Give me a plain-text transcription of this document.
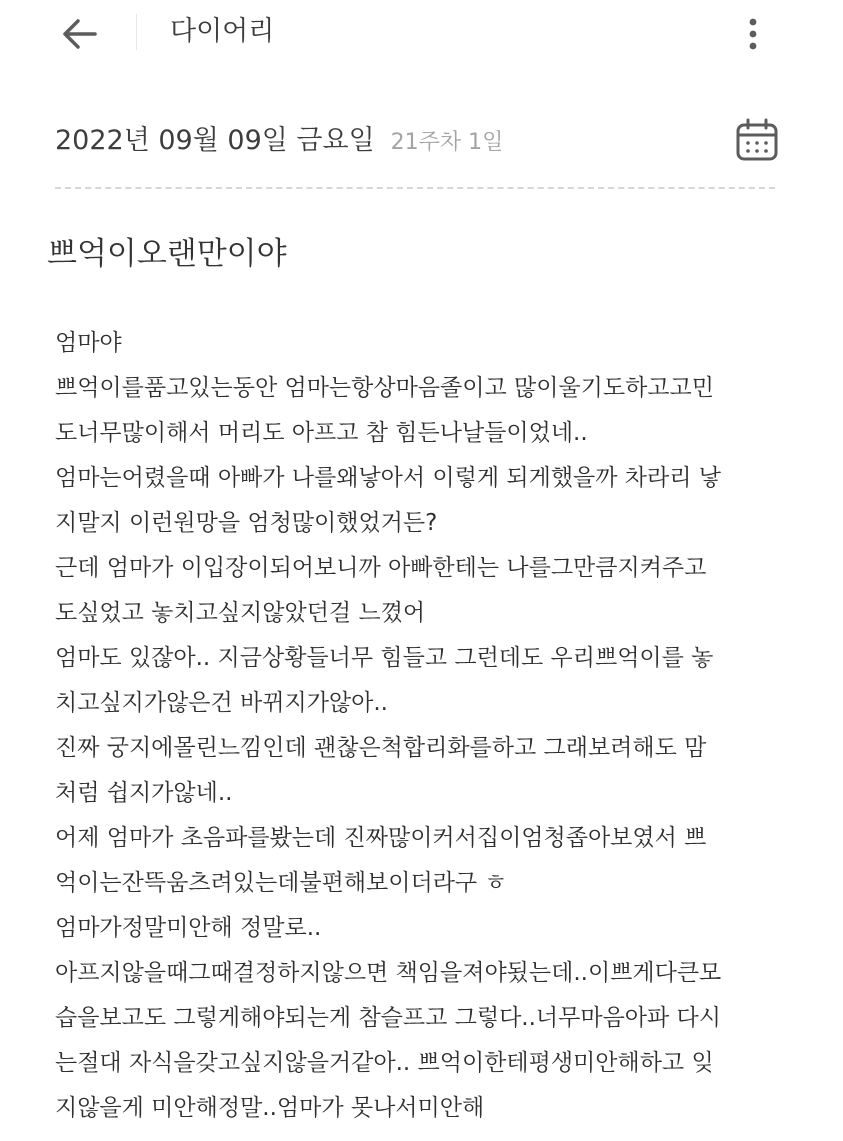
다이어리
2022년 09월 09일 금요일 21주차 1일
쁘억이오랜만이야
엄마야
쁘억이를품고있는동안 엄마는항상마음졸이고 많이울기도하고고민
도너무많이해서 머리도 아프고 참 힘든나날들이었네..
엄마는어렸을때 아빠가 나를왜낳아서 이렇게 되게했을까 차라리 낳
지말지 이런원망을 엄청많이했었거든?
근데 엄마가 이입장이되어보니까 아빠한테는 나를그만큼지켜주고
도싶었고 놓치고싶지않았던걸 느꼈어
엄마도 있잖아.. 지금상황들너무 힘들고 그런데도 우리쁘억이를 놓
치고싶지가않은건 바뀌지가않아..
진짜 궁지에몰린느낌인데 괜찮은척합리화를하고 그래보려해도 맘
처럼 쉽지가않네..
어제 엄마가 초음파를봤는데 진짜많이커서집이엄청좁아보였서 쁘
억이는잔뜩움츠려있는데불편해보이더라구 ㅎ
엄마가정말미안해 정말로..
아프지않을때그때결정하지않으면 책임을져야됬는데..이쁘게다큰모
습을보고도 그렇게해야되는게 참슬프고 그렇다..너무마음아파 다시
는절대 자식을갖고싶지않을거같아.. 쁘억이한테평생미안해하고 잊
지않을게 미안해정말..엄마가 못나서미안해
